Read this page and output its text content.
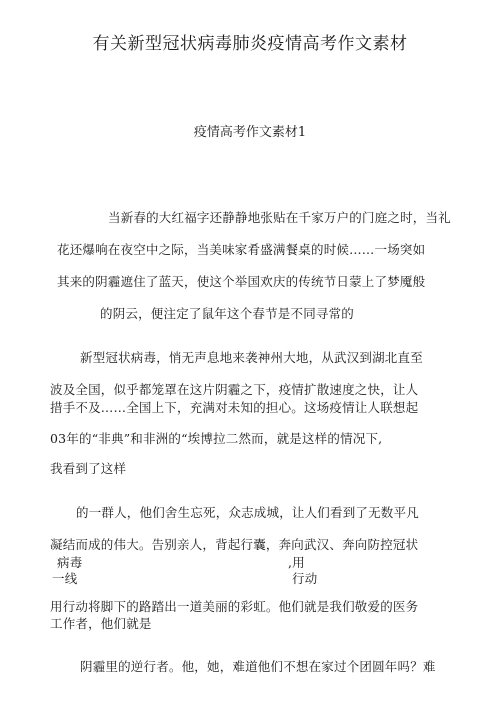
有关新型冠状病毒肺炎疫情高考作文素材
疫情高考作文素材1
当新春的大红福字还静静地张贴在千家万户的门庭之时，当礼
花还爆响在夜空中之际，当美味家肴盛满餐桌的时候……一场突如
其来的阴霾遮住了蓝天，使这个举国欢庆的传统节日蒙上了梦魇般
的阴云，便注定了鼠年这个春节是不同寻常的
新型冠状病毒，悄无声息地来袭神州大地，从武汉到湖北直至
波及全国，似乎都笼罩在这片阴霾之下，疫情扩散速度之快，让人
措手不及……全国上下，充满对未知的担心。这场疫情让人联想起
03年的“非典”和非洲的“埃博拉二然而，就是这样的情况下,
我看到了这样
的一群人，他们舍生忘死，众志成城，让人们看到了无数平凡
凝结而成的伟大。告别亲人，背起行囊，奔向武汉、奔向防控冠状
病毒	,用
一线	行动
用行动将脚下的路踏出一道美丽的彩虹。他们就是我们敬爱的医务
工作者，他们就是
阴霾里的逆行者。他，她，难道他们不想在家过个团圆年吗？难
